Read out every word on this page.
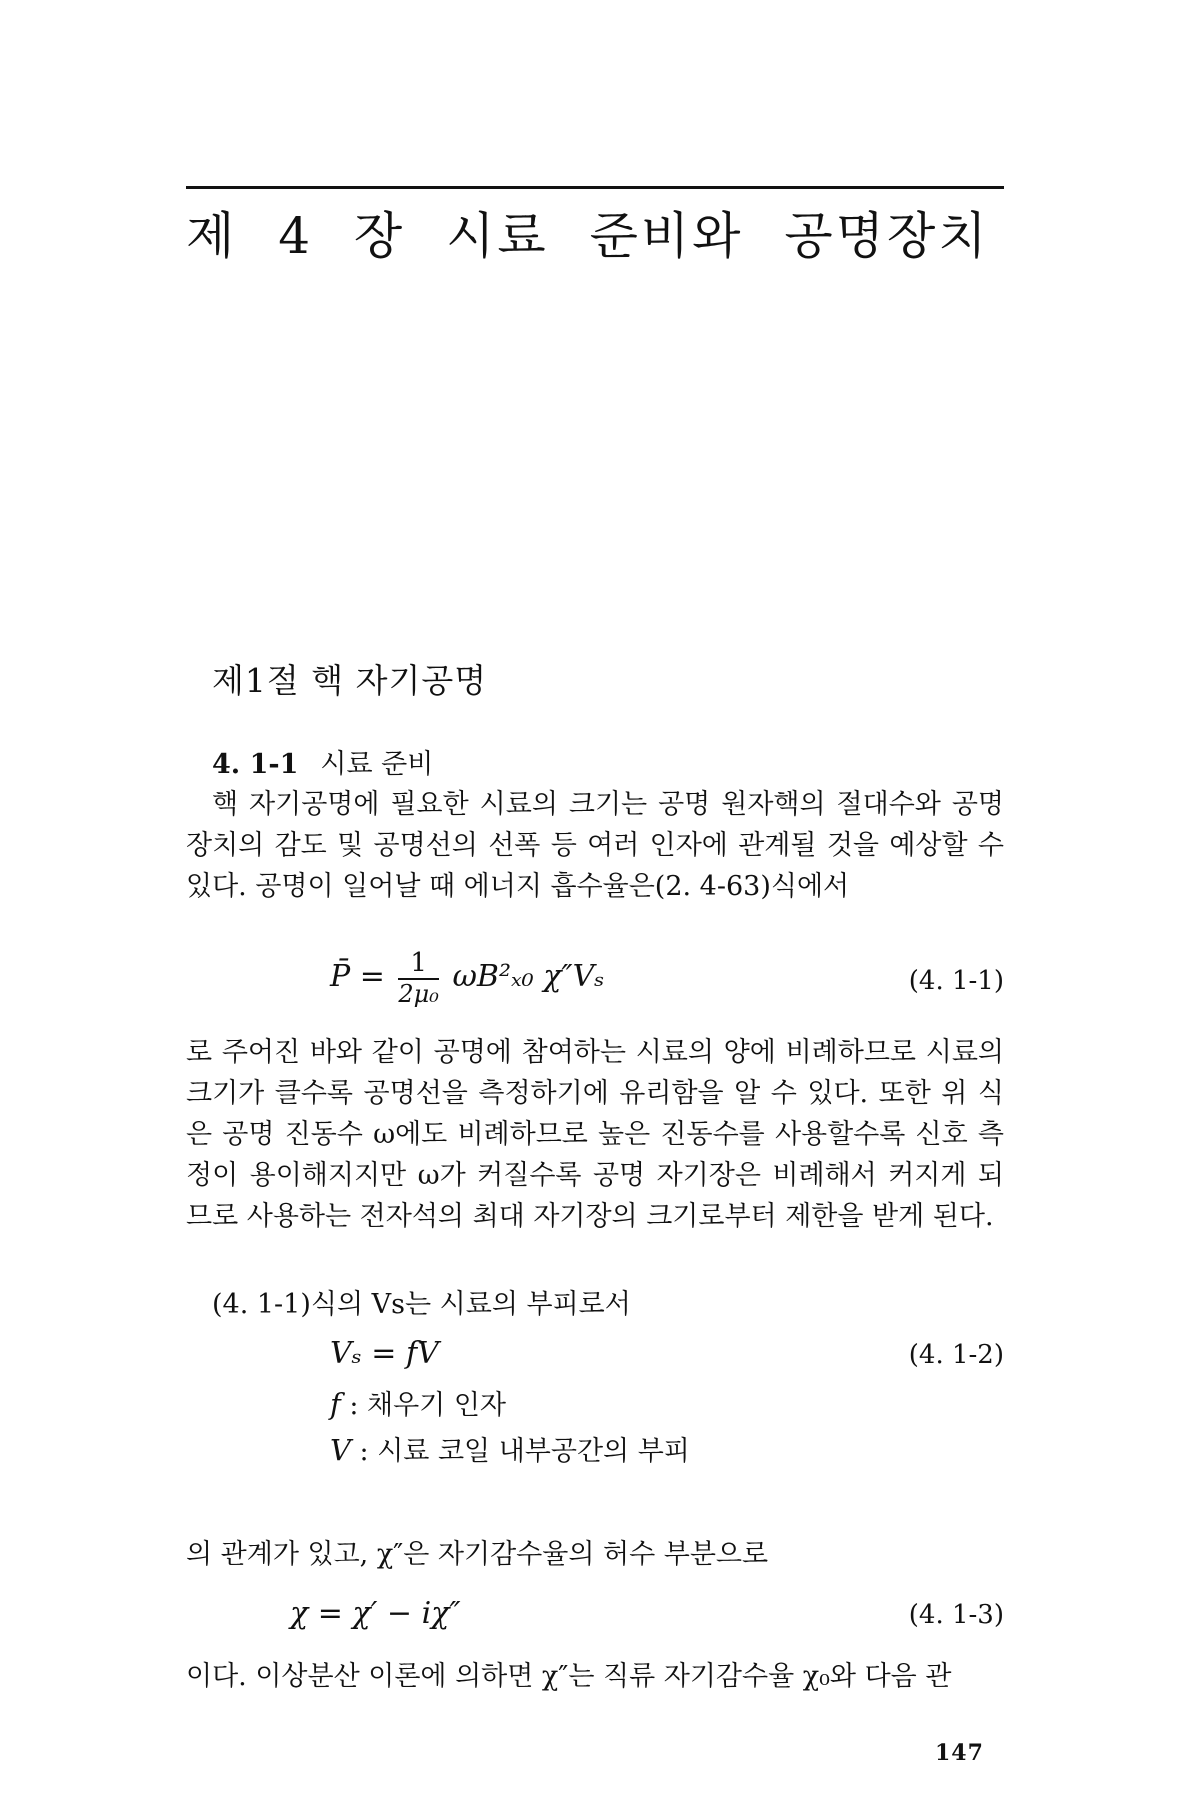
제 4 장 시료 준비와 공명장치
제1절 핵 자기공명
4. 1-1 시료 준비
핵 자기공명에 필요한 시료의 크기는 공명 원자핵의 절대수와 공명장치의 감도 및 공명선의 선폭 등 여러 인자에 관계될 것을 예상할 수 있다. 공명이 일어날 때 에너지 흡수율은(2. 4-63)식에서
P̄ = $\frac{1}{\text{2μ₀}} \omega B^2_{x0}$ χ″Vₛ	(4. 1-1)
로 주어진 바와 같이 공명에 참여하는 시료의 양에 비례하므로 시료의 크기가 클수록 공명선을 측정하기에 유리함을 알 수 있다. 또한 위 식은 공명 진동수 ω에도 비례하므로 높은 진동수를 사용할수록 신호 측정이 용이해지지만 ω가 커질수록 공명 자기장은 비례해서 커지게 되므로 사용하는 전자석의 최대 자기장의 크기로부터 제한을 받게 된다.
(4. 1-1)식의 Vs는 시료의 부피로서
Vₛ = fV	(4. 1-2)
f : 채우기 인자
V : 시료 코일 내부공간의 부피
의 관계가 있고, χ″은 자기감수율의 허수 부분으로
χ = χ′ − iχ″	(4. 1-3)
이다. 이상분산 이론에 의하면 χ″는 직류 자기감수율 χ₀와 다음 관
147
